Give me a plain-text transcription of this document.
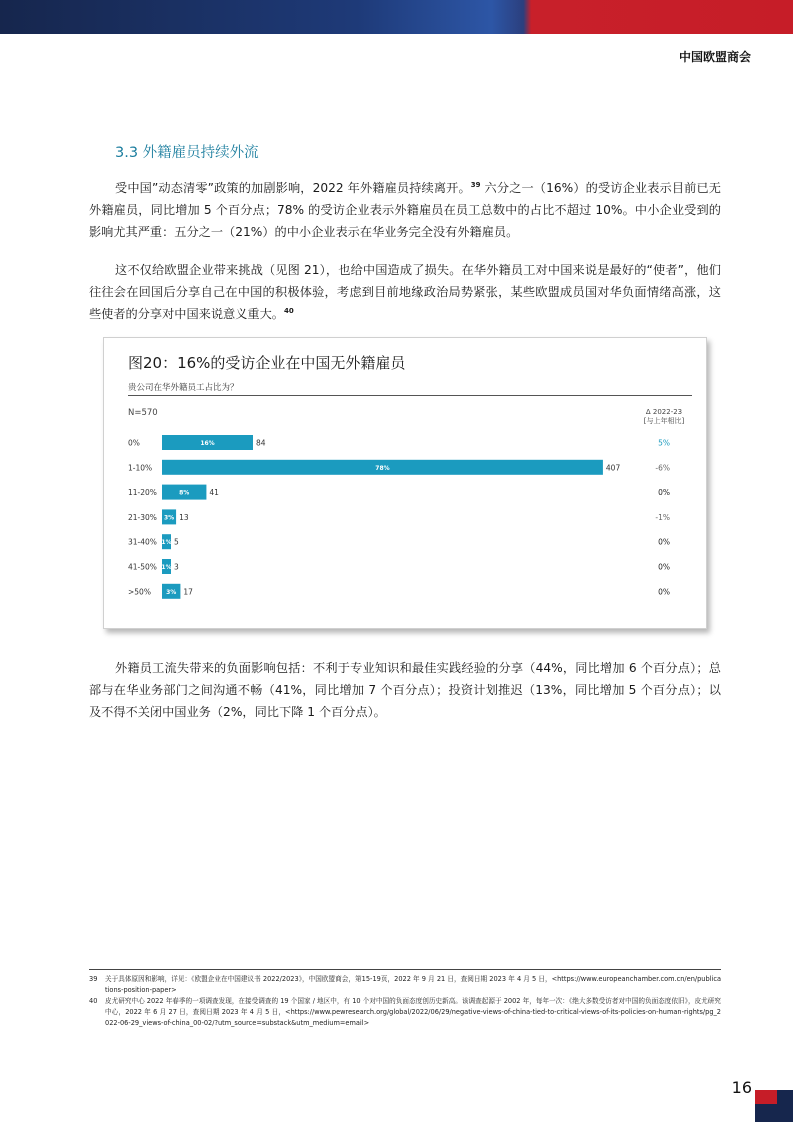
中国欧盟商会
3.3 外籍雇员持续外流
受中国”动态清零”政策的加剧影响，2022 年外籍雇员持续离开。$^{39}$ 六分之一（16%）的受访企业表示目前已无外籍雇员，同比增加 5 个百分点；78% 的受访企业表示外籍雇员在员工总数中的占比不超过 10%。中小企业受到的影响尤其严重：五分之一（21%）的中小企业表示在华业务完全没有外籍雇员。
这不仅给欧盟企业带来挑战（见图 21），也给中国造成了损失。在华外籍员工对中国来说是最好的“使者”，他们往往会在回国后分享自己在中国的积极体验，考虑到目前地缘政治局势紧张，某些欧盟成员国对华负面情绪高涨，这些使者的分享对中国来说意义重大。$^{40}$
图20：16%的受访企业在中国无外籍雇员
贵公司在华外籍员工占比为？
N=570	Δ 2022-23
[与上年相比]
0%	16%	84	5%
1-10%	78%	407	-6%
11-20%	8%	41	0%
21-30% 3% 13	-1%
31-40% 1% 5	0%
41-50% 1% 3	0%
>50%	3% 17	0%
外籍员工流失带来的负面影响包括：不利于专业知识和最佳实践经验的分享（44%，同比增加 6 个百分点）；总部与在华业务部门之间沟通不畅（41%，同比增加 7 个百分点）；投资计划推迟（13%，同比增加 5 个百分点）；以及不得不关闭中国业务（2%，同比下降 1 个百分点）。
39 关于具体原因和影响，详见：《欧盟企业在中国建议书 2022/2023》，中国欧盟商会，第15-19页，2022 年 9 月 21 日，查阅日期 2023 年 4 月 5 日，<https://www.europeanchamber.com.cn/en/publications-position-paper>
40 皮尤研究中心 2022 年春季的一项调查发现，在接受调查的 19 个国家 / 地区中，有 10 个对中国的负面态度创历史新高。该调查起源于 2002 年，每年一次：《绝大多数受访者对中国的负面态度依旧》，皮尤研究中心，2022 年 6 月 27 日，查阅日期 2023 年 4 月 5 日，<https://www.pewresearch.org/global/2022/06/29/negative-views-of-china-tied-to-critical-views-of-its-policies-on-human-rights/pg_2022-06-29_views-of-china_00-02/?utm_source=substack&utm_medium=email>
16
